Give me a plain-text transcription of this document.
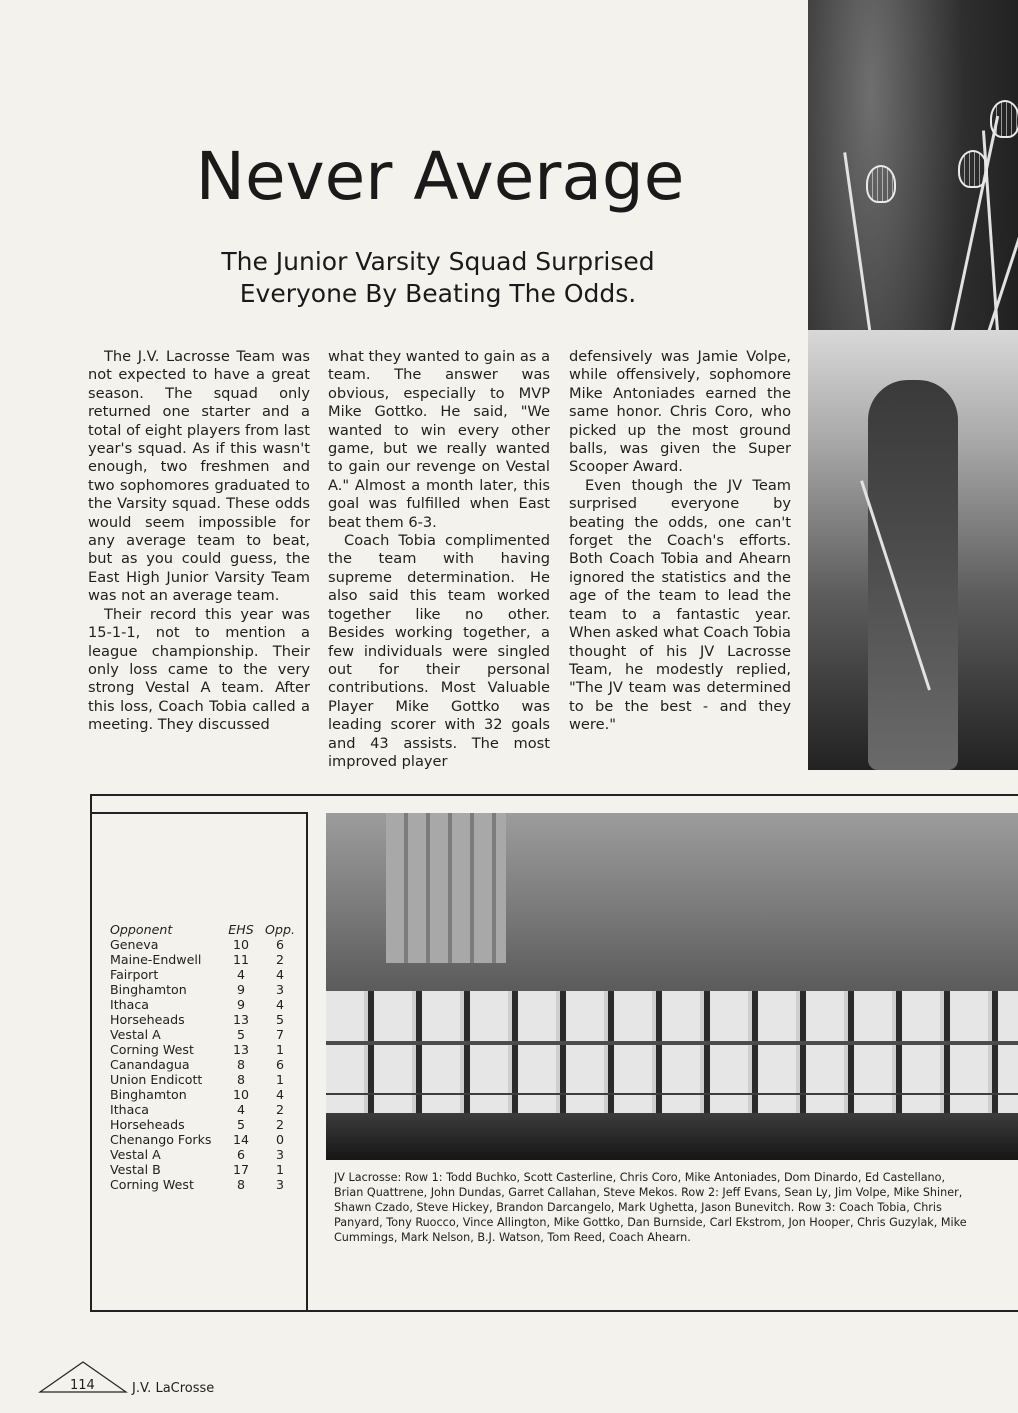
Never Average
The Junior Varsity Squad Surprised
Everyone By Beating The Odds.

The J.V. Lacrosse Team was not expected to have a great season. The squad only returned one starter and a total of eight players from last year's squad. As if this wasn't enough, two freshmen and two sophomores graduated to the Varsity squad. These odds would seem impossible for any average team to beat, but as you could guess, the East High Junior Varsity Team was not an average team.

Their record this year was 15-1-1, not to mention a league championship. Their only loss came to the very strong Vestal A team. After this loss, Coach Tobia called a meeting. They discussed

what they wanted to gain as a team. The answer was obvious, especially to MVP Mike Gottko. He said, "We wanted to win every other game, but we really wanted to gain our revenge on Vestal A." Almost a month later, this goal was fulfilled when East beat them 6-3.

Coach Tobia complimented the team with having supreme determination. He also said this team worked together like no other. Besides working together, a few individuals were singled out for their personal contributions. Most Valuable Player Mike Gottko was leading scorer with 32 goals and 43 assists. The most improved player

defensively was Jamie Volpe, while offensively, sophomore Mike Antoniades earned the same honor. Chris Coro, who picked up the most ground balls, was given the Super Scooper Award.

Even though the JV Team surprised everyone by beating the odds, one can't forget the Coach's efforts. Both Coach Tobia and Ahearn ignored the statistics and the age of the team to lead the team to a fantastic year. When asked what Coach Tobia thought of his JV Lacrosse Team, he modestly replied, "The JV team was determined to be the best - and they were."

Opponent	EHS Opp.
Geneva	10	6
Maine-Endwell	11	2
Fairport	4	4
Binghamton	9	3
Ithaca	9	4
Horseheads	13	5
Vestal A	5	7
Corning West	13	1
Canandagua	8	6
Union Endicott	8	1
Binghamton	10	4
Ithaca	4	2
Horseheads	5	2
Chenango Forks	14	0
Vestal A	6	3
Vestal B	17	1
Corning West	8	3	JV Lacrosse: Row 1: Todd Buchko, Scott Casterline, Chris Coro, Mike Antoniades, Dom Dinardo, Ed Castellano,
Brian Quattrene, John Dundas, Garret Callahan, Steve Mekos. Row 2: Jeff Evans, Sean Ly, Jim Volpe, Mike Shiner,
Shawn Czado, Steve Hickey, Brandon Darcangelo, Mark Ughetta, Jason Bunevitch. Row 3: Coach Tobia, Chris
Panyard, Tony Ruocco, Vince Allington, Mike Gottko, Dan Burnside, Carl Ekstrom, Jon Hooper, Chris Guzylak, Mike
Cummings, Mark Nelson, B.J. Watson, Tom Reed, Coach Ahearn.
114	J.V. LaCrosse
